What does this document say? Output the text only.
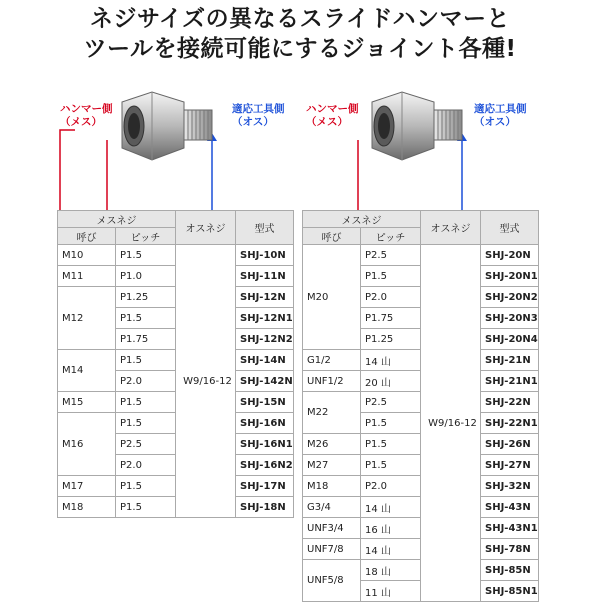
ネジサイズの異なるスライドハンマーと
ツールを接続可能にするジョイント各種!
ハンマー側
（メス）
適応工具側
（オス）
ハンマー側
（メス）
適応工具側
（オス）
メスネジ		オスネジ	型式
呼び	ピッチ		
M10	P1.5	W9/16-12	SHJ-10N
M11	P1.0		SHJ-11N
M12	P1.25		SHJ-12N
	P1.5		SHJ-12N1
	P1.75		SHJ-12N2
M14	P1.5		SHJ-14N
	P2.0		SHJ-142N
M15	P1.5		SHJ-15N
M16	P1.5		SHJ-16N
	P2.5		SHJ-16N1
	P2.0		SHJ-16N2
M17	P1.5		SHJ-17N
M18	P1.5		SHJ-18N
メスネジ		オスネジ	型式
呼び	ピッチ		
M20	P2.5	W9/16-12	SHJ-20N
	P1.5		SHJ-20N1
	P2.0		SHJ-20N2
	P1.75		SHJ-20N3
	P1.25		SHJ-20N4
G1/2	14 山		SHJ-21N
UNF1/2	20 山		SHJ-21N1
M22	P2.5		SHJ-22N
	P1.5		SHJ-22N1
M26	P1.5		SHJ-26N
M27	P1.5		SHJ-27N
M18	P2.0		SHJ-32N
G3/4	14 山		SHJ-43N
UNF3/4	16 山		SHJ-43N1
UNF7/8	14 山		SHJ-78N
UNF5/8	18 山		SHJ-85N
	11 山		SHJ-85N1
